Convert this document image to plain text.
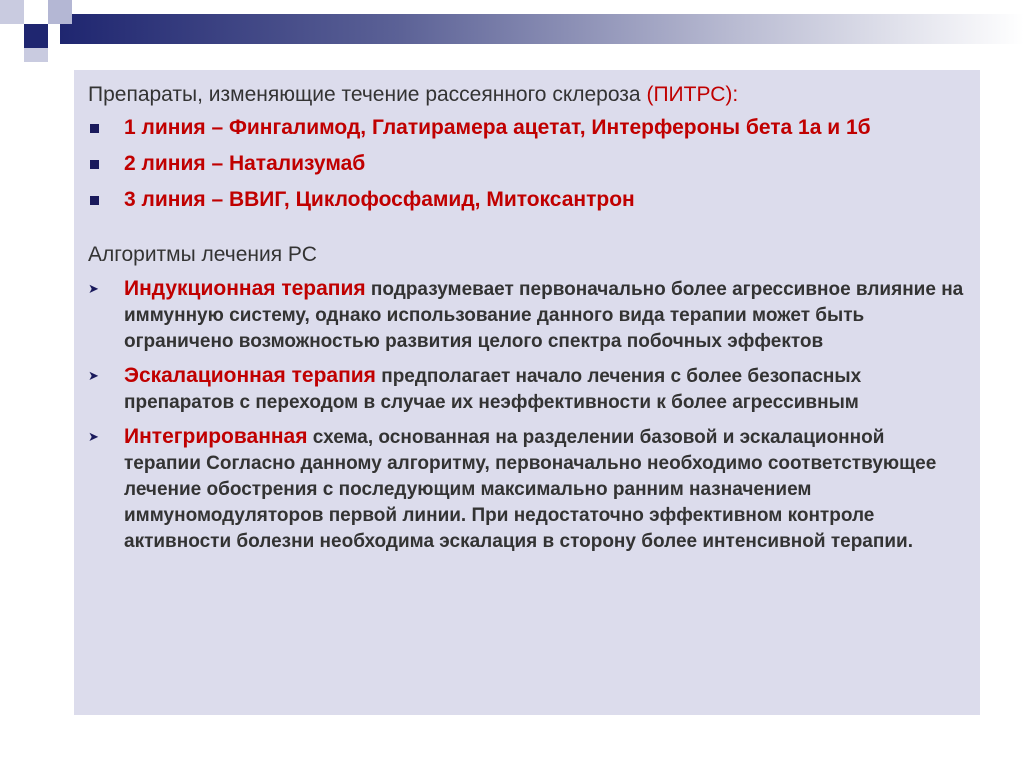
Препараты, изменяющие течение рассеянного склероза (ПИТРС):

1 линия – Фингалимод, Глатирамера ацетат, Интерфероны бета 1а и 1б
2 линия – Натализумаб
3 линия – ВВИГ, Циклофосфамид, Митоксантрон

Алгоритмы лечения РС

➤ Индукционная терапия подразумевает первоначально более агрессивное влияние на иммунную систему, однако использование данного вида терапии может быть ограничено возможностью развития целого спектра побочных эффектов
➤ Эскалационная терапия предполагает начало лечения с более безопасных препаратов с переходом в случае их неэффективности к более агрессивным
➤ Интегрированная схема, основанная на разделении базовой и эскалационной терапии Согласно данному алгоритму, первоначально необходимо соответствующее лечение обострения с последующим максимально ранним назначением иммуномодуляторов первой линии. При недостаточно эффективном контроле активности болезни необходима эскалация в сторону более интенсивной терапии.
